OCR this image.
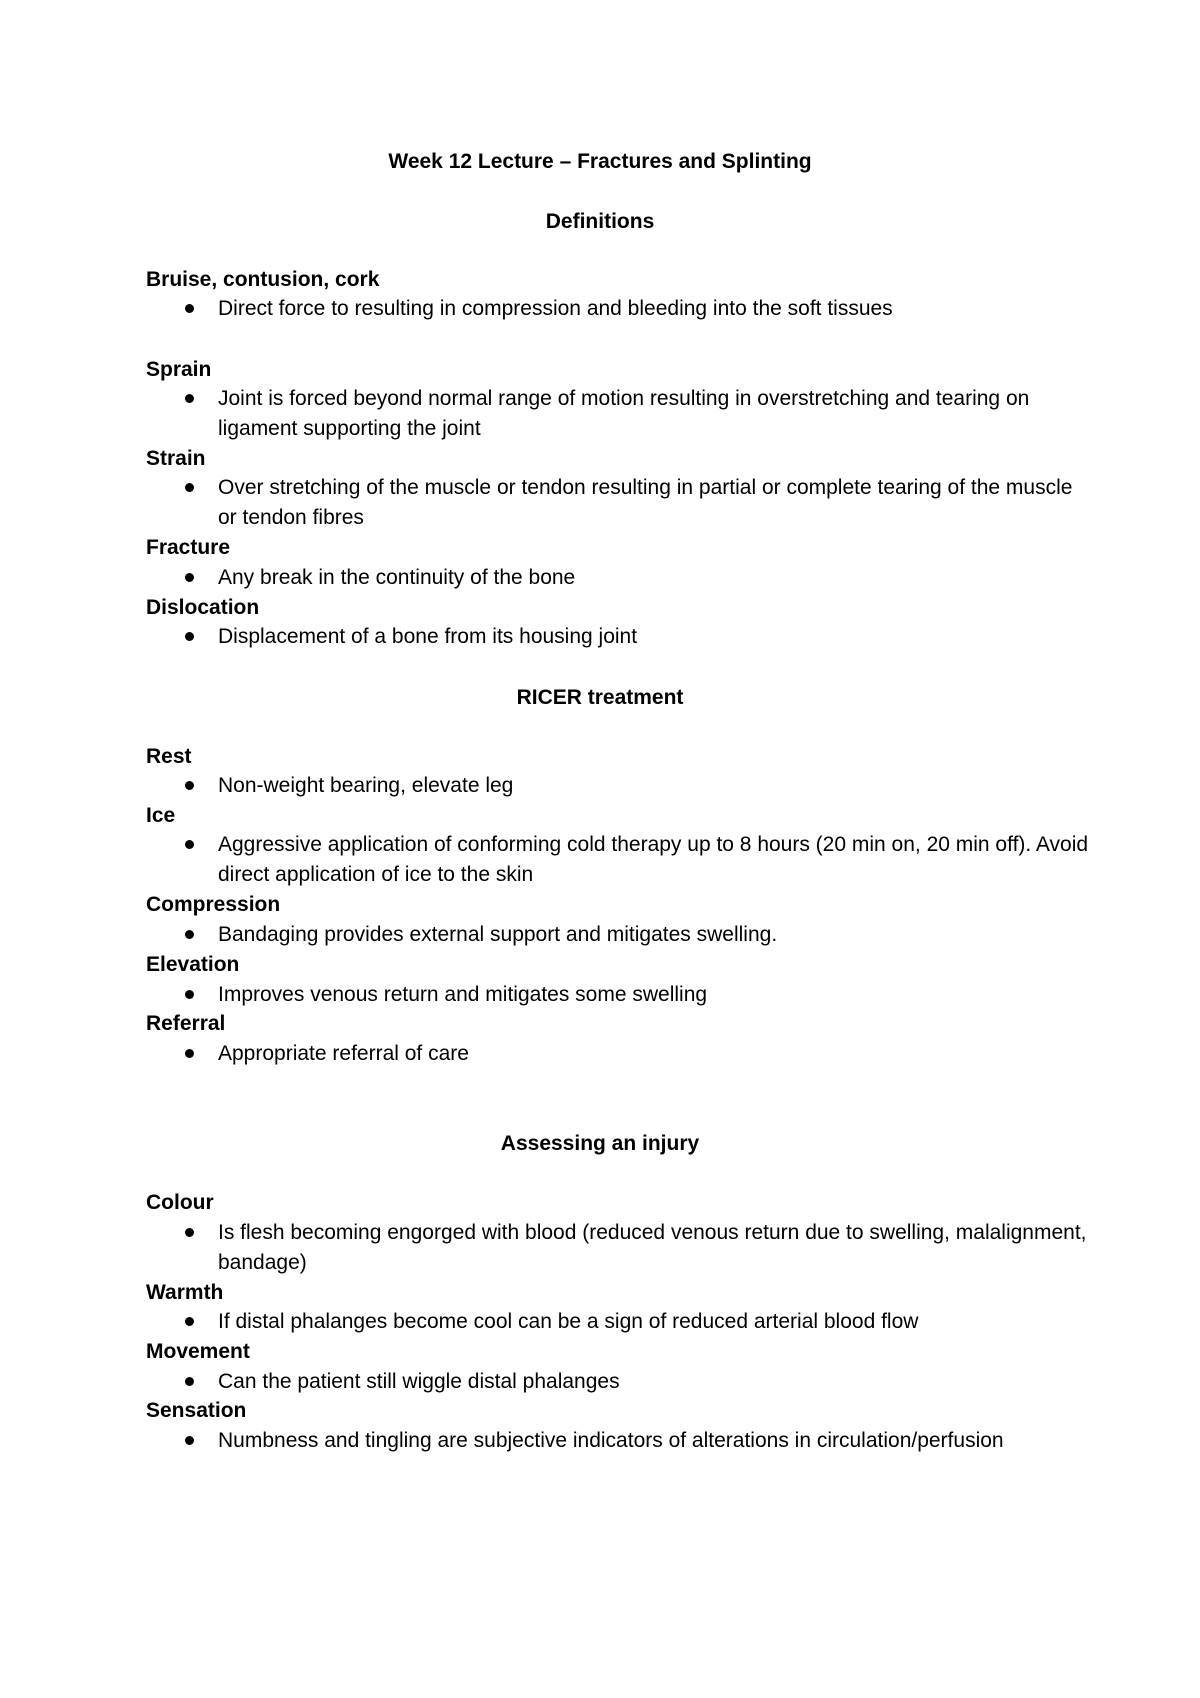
Week 12 Lecture – Fractures and Splinting
Definitions
Bruise, contusion, cork
Direct force to resulting in compression and bleeding into the soft tissues
Sprain
Joint is forced beyond normal range of motion resulting in overstretching and tearing on ligament supporting the joint
Strain
Over stretching of the muscle or tendon resulting in partial or complete tearing of the muscle or tendon fibres
Fracture
Any break in the continuity of the bone
Dislocation
Displacement of a bone from its housing joint
RICER treatment
Rest
Non-weight bearing, elevate leg
Ice
Aggressive application of conforming cold therapy up to 8 hours (20 min on, 20 min off). Avoid direct application of ice to the skin
Compression
Bandaging provides external support and mitigates swelling.
Elevation
Improves venous return and mitigates some swelling
Referral
Appropriate referral of care
Assessing an injury
Colour
Is flesh becoming engorged with blood (reduced venous return due to swelling, malalignment, bandage)
Warmth
If distal phalanges become cool can be a sign of reduced arterial blood flow
Movement
Can the patient still wiggle distal phalanges
Sensation
Numbness and tingling are subjective indicators of alterations in circulation/perfusion
